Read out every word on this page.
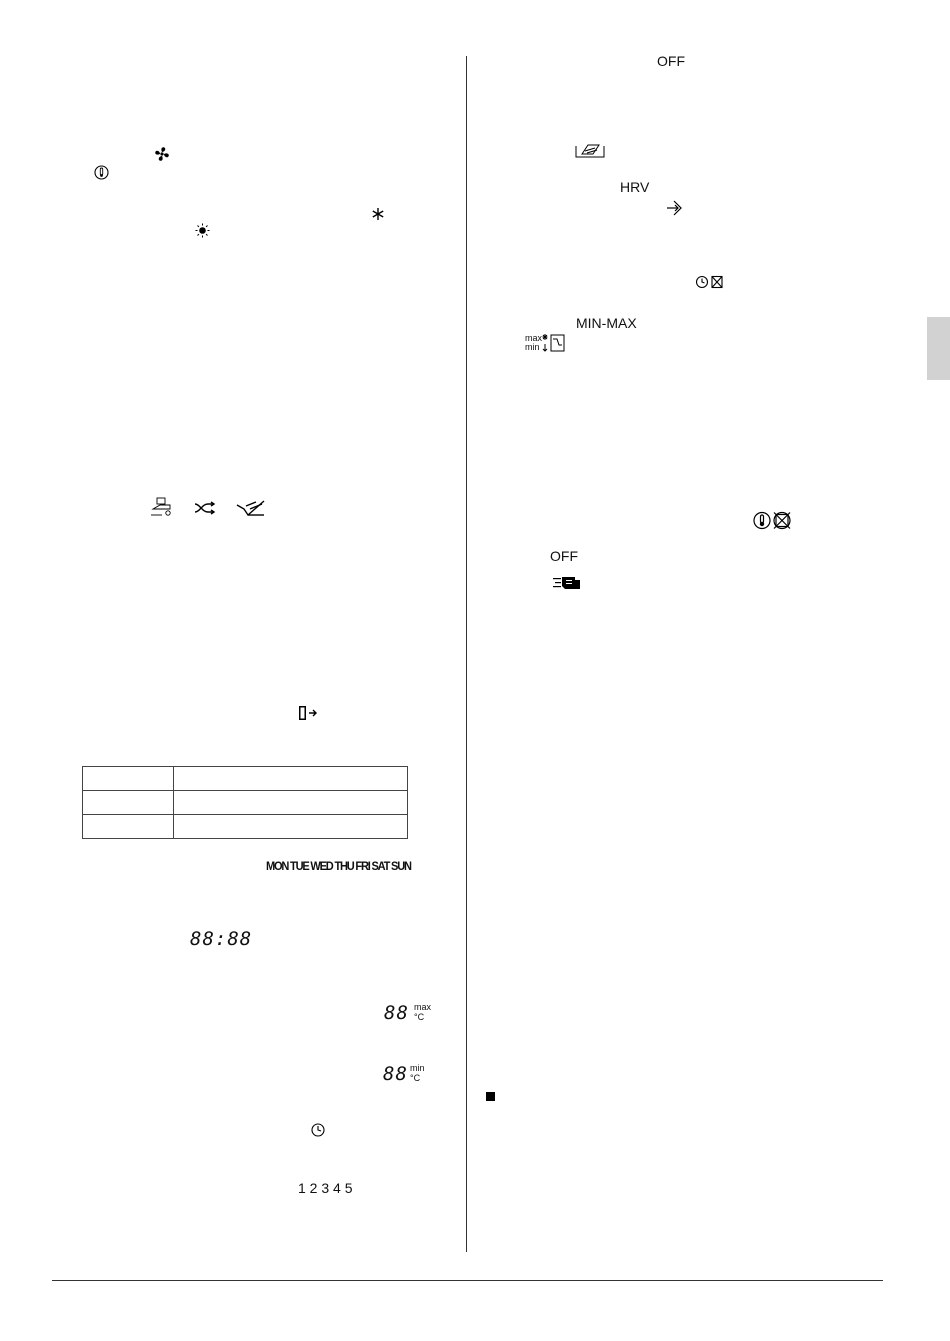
MON TUE WED THU FRI SAT SUN
88:88
88 max
°C
88 min
°C
1 2 3 4 5
OFF
HRV
MIN-MAX
max
min
OFF
